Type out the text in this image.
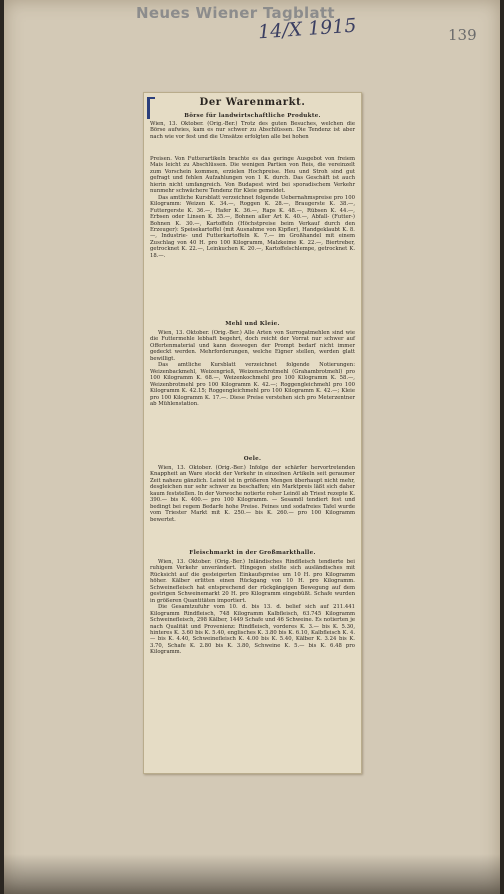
Neues Wiener Tagblatt
14/X 1915	139
Der Warenmarkt.
Börse für landwirtschaftliche Produkte.

Wien, 13. Oktober. (Orig.-Ber.) Trotz des guten Besuches, welchen die Börse aufwies, kam es nur schwer zu Abschlüssen. Die Tendenz ist aber nach wie vor fest und die Umsätze erfolgten alle bei hohen

Preisen. Von Futterartikeln brachte es das geringe Ausgebot von freiem Mais leicht zu Abschlüssen. Die wenigen Partien von Reis, die vereinzelt zum Vorschein kommen, erzielen Hochpreise. Heu und Stroh sind gut gefragt und fehlen Aufzahlungen von 1 K. durch. Das Geschäft ist auch hierin nicht umfangreich. Von Budapest wird bei sporadischem Verkehr nunmehr schwächere Tendenz für Kleie gemeldet.

Das amtliche Kursblatt verzeichnet folgende Uebernahmspreise pro 100 Kilogramm: Weizen K. 34.—, Roggen K. 28.—, Braugerste K. 38.—, Futtergerste K. 36.—, Hafer K. 36.—, Raps K. 48.—, Rübsen K. 44.—, Erbsen oder Linsen K. 35.—, Bohnen aller Art K. 40.—, Abfall- (Futter-) Bohnen K. 30.—, Kartoffeln (Höchstpreise beim Verkauf durch den Erzeuger): Speisekartoffel (mit Ausnahme von Kipfler), Handgeklaubt K. 8.—, Industrie- und Futterkartoffeln K. 7.— im Großhandel mit einem Zuschlag von 40 H. pro 100 Kilogramm, Malzkeime K. 22.—, Biertreber, getrocknet K. 22.—, Leinkuchen K. 20.—, Kartoffelschlempe, getrocknet K. 18.—.

Mehl und Kleie.

Wien, 13. Oktober. (Orig.-Ber.) Alle Arten von Surrogatmehlen sind wie die Futtermehle lebhaft begehrt, doch reicht der Vorrat nur schwer auf Offertenmaterial und kann deswegen der Prompt bedarf nicht immer gedeckt werden. Mehrforderungen, welche Eigner stellen, werden glatt bewilligt.

Das amtliche Kursblatt verzeichnet folgende Notierungen: Weizenbackmehl, Weizengrieß, Weizenschrotmehl (Grahambrotmehl) pro 100 Kilogramm K. 68.—, Weizenkochmehl pro 100 Kilogramm K. 58.—, Weizenbrotmehl pro 100 Kilogramm K. 42.—; Roggengleichmehl pro 100 Kilogramm K. 42.15; Roggengleichmehl pro 100 Kilogramm K. 42.—; Kleie pro 100 Kilogramm K. 17.—. Diese Preise verstehen sich pro Meterzentner ab Mühlenstation.

Oele.

Wien, 13. Oktober. (Orig.-Ber.) Infolge der schärfer hervortretenden Knappheit an Ware stockt der Verkehr in einzelnen Artikeln seit geraumer Zeit nahezu gänzlich. Leinöl ist in größeren Mengen überhaupt nicht mehr, desgleichen nur sehr schwer zu beschaffen; ein Marktpreis läßt sich daher kaum feststellen. In der Vorwoche notierte roher Leinöl ab Triest rezepte K. 390.— bis K. 400.— pro 100 Kilogramm. — Sesamöl tendiert fest und bedingt bei regem Bedarfe hohe Preise. Feines und sodafreies Tafel wurde vom Triester Markt mit K. 250.— bis K. 260.— pro 100 Kilogramm bewertet.

Fleischmarkt in der Großmarkthalle.

Wien, 13. Oktober. (Orig.-Ber.) Inländisches Rindfleisch tendierte bei ruhigem Verkehr unverändert. Hingegen stellte sich ausländisches mit Rücksicht auf die gesteigerten Einkaufspreise um 10 H. pro Kilogramm höher. Kälber erlitten einen Rückgang von 10 H. pro Kilogramm. Schweinefleisch hat entsprechend der rückgängigen Bewegung auf dem gestrigen Schweinemarkt 20 H. pro Kilogramm eingebüßt. Schafe wurden in größeren Quantitäten importiert.

Die Gesamtzufuhr vom 10. d. bis 13. d. belief sich auf 211.441 Kilogramm Rindfleisch, 748 Kilogramm Kalbfleisch, 63.745 Kilogramm Schweinefleisch, 298 Kälber, 1449 Schafe und 46 Schweine. Es notierten je nach Qualität und Provenienz: Rindfleisch, vorderes K. 3.— bis K. 5.30, hinteres K. 3.60 bis K. 5.40, englisches K. 3.80 bis K. 6.10, Kalbfleisch K. 4.— bis K. 4.40, Schweinefleisch K. 4.00 bis K. 5.40, Kälber K. 3.24 bis K. 3.70, Schafe K. 2.80 bis K. 3.80, Schweine K. 5.— bis K. 6.48 pro Kilogramm.
